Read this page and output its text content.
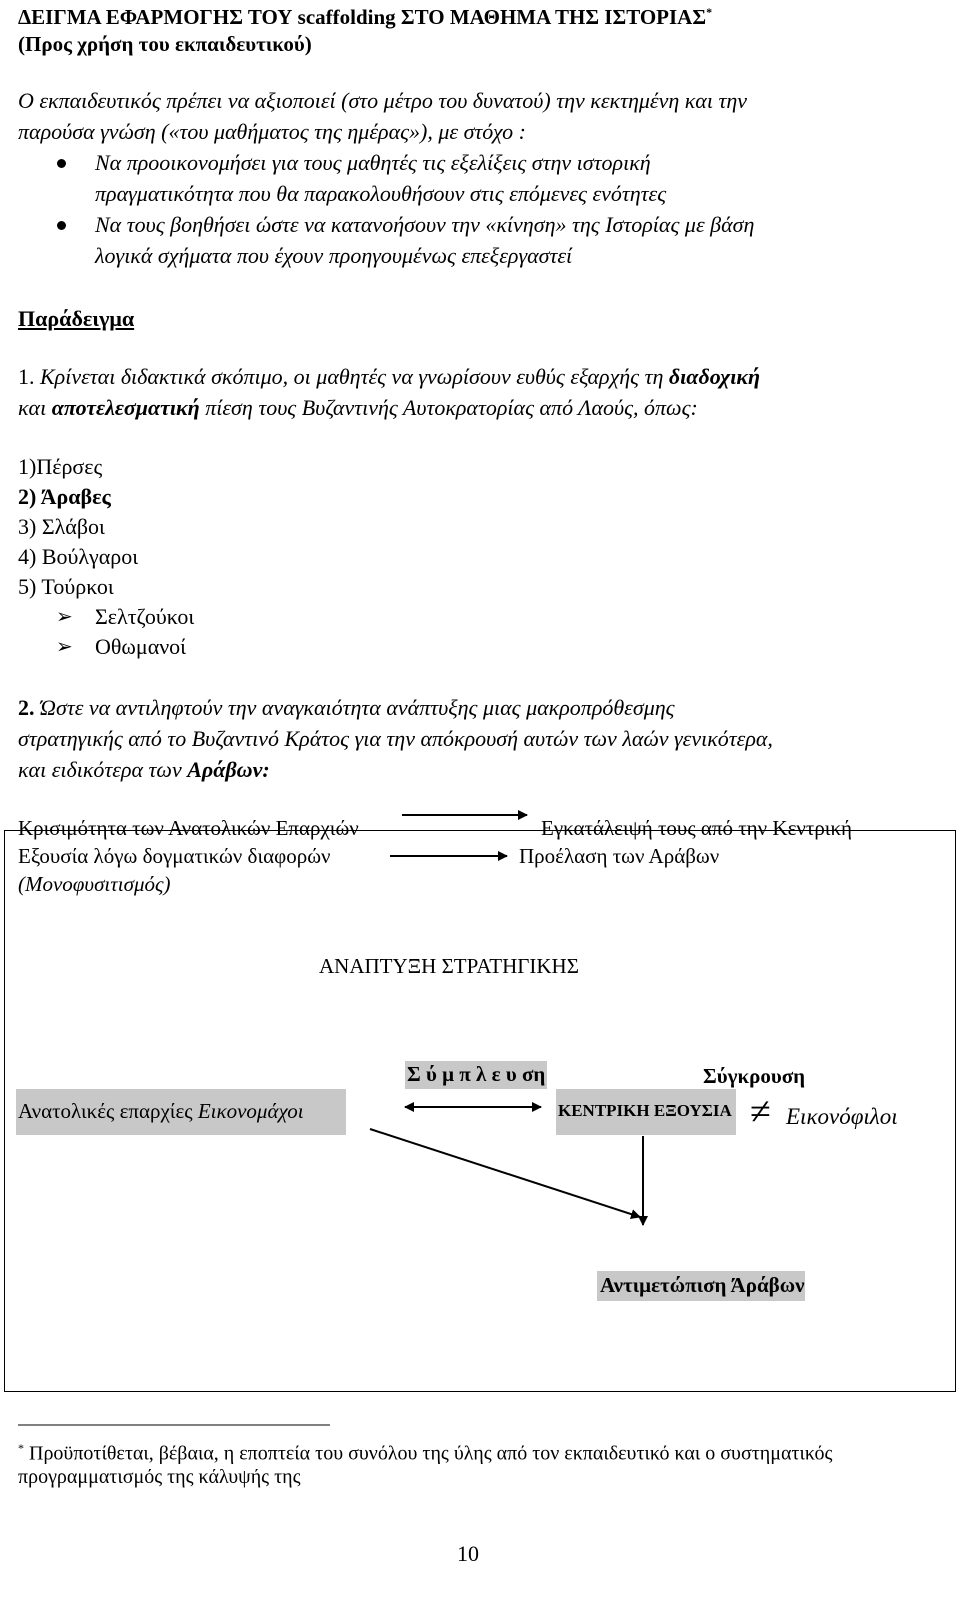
ΔΕΙΓΜΑ ΕΦΑΡΜΟΓΗΣ ΤΟΥ scaffolding ΣΤΟ ΜΑΘΗΜΑ ΤΗΣ ΙΣΤΟΡΙΑΣ*
(Προς χρήση του εκπαιδευτικού)
Ο εκπαιδευτικός πρέπει να αξιοποιεί (στο μέτρο του δυνατού) την κεκτημένη και την
παρούσα γνώση («του μαθήματος της ημέρας»), με στόχο :
Να προοικονομήσει για τους μαθητές τις εξελίξεις στην ιστορική
πραγματικότητα που θα παρακολουθήσουν στις επόμενες ενότητες
Να τους βοηθήσει ώστε να κατανοήσουν την «κίνηση» της Ιστορίας με βάση
λογικά σχήματα που έχουν προηγουμένως επεξεργαστεί
Παράδειγμα
1. Κρίνεται διδακτικά σκόπιμο, οι μαθητές να γνωρίσουν ευθύς εξαρχής τη διαδοχική
και αποτελεσματική πίεση τους Βυζαντινής Αυτοκρατορίας από Λαούς, όπως:
1)Πέρσες
2) Άραβες
3) Σλάβοι
4) Βούλγαροι
5) Τούρκοι
➢ Σελτζούκοι
➢ Οθωμανοί
2. Ώστε να αντιληφτούν την αναγκαιότητα ανάπτυξης μιας μακροπρόθεσμης
στρατηγικής από το Βυζαντινό Κράτος για την απόκρουσή αυτών των λαών γενικότερα,
και ειδικότερα των Αράβων:
Κρισιμότητα των Ανατολικών Επαρχιών
Εξουσία λόγω δογματικών διαφορών
(Μονοφυσιτισμός)
Εγκατάλειψή τους από την Κεντρική
Προέλαση των Αράβων
ΑΝΑΠΤΥΞΗ ΣΤΡΑΤΗΓΙΚΗΣ
Σ ύ μ π λ ε υ ση	Σύγκρουση
Ανατολικές επαρχίες Εικονομάχοι	ΚΕΝΤΡΙΚΗ ΕΞΟΥΣΙΑ ≠ Εικονόφιλοι
Αντιμετώπιση Άράβων
* Προϋποτίθεται, βέβαια, η εποπτεία του συνόλου της ύλης από τον εκπαιδευτικό και ο συστηματικός
προγραμματισμός της κάλυψής της
10
